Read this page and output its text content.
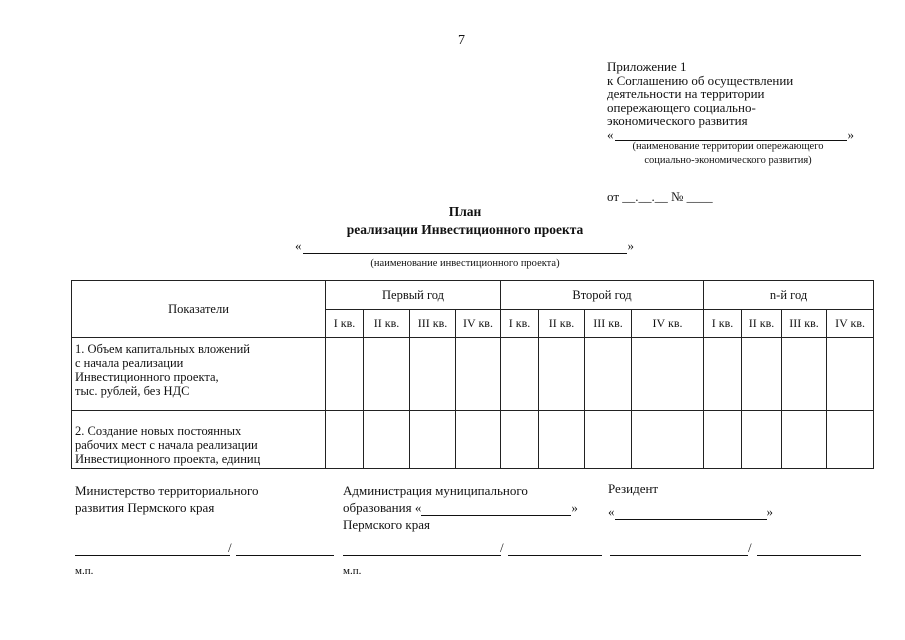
7
Приложение 1
к Соглашению об осуществлении
деятельности на территории
опережающего социально-
экономического развития
«	»
(наименование территории опережающего
социально-экономического развития)
от __.__.__ № ____
План
реализации Инвестиционного проекта
«	»
(наименование инвестиционного проекта)
Показатели	Первый год				Второй год				n-й год			
	I кв.	II кв.	III кв.	IV кв.	I кв.	II кв.	III кв.	IV кв.	I кв.	II кв.	III кв.	IV кв.

1. Объем капитальных вложений
с начала реализации
Инвестиционного проекта,
тыс. рублей, без НДС												

2. Создание новых постоянных
рабочих мест с начала реализации
Инвестиционного проекта, единиц												

Министерство территориального
развития Пермского края
Администрация муниципального
образования «	»
Пермского края
Резидент
«	»
/	/	/
м.п.	м.п.
